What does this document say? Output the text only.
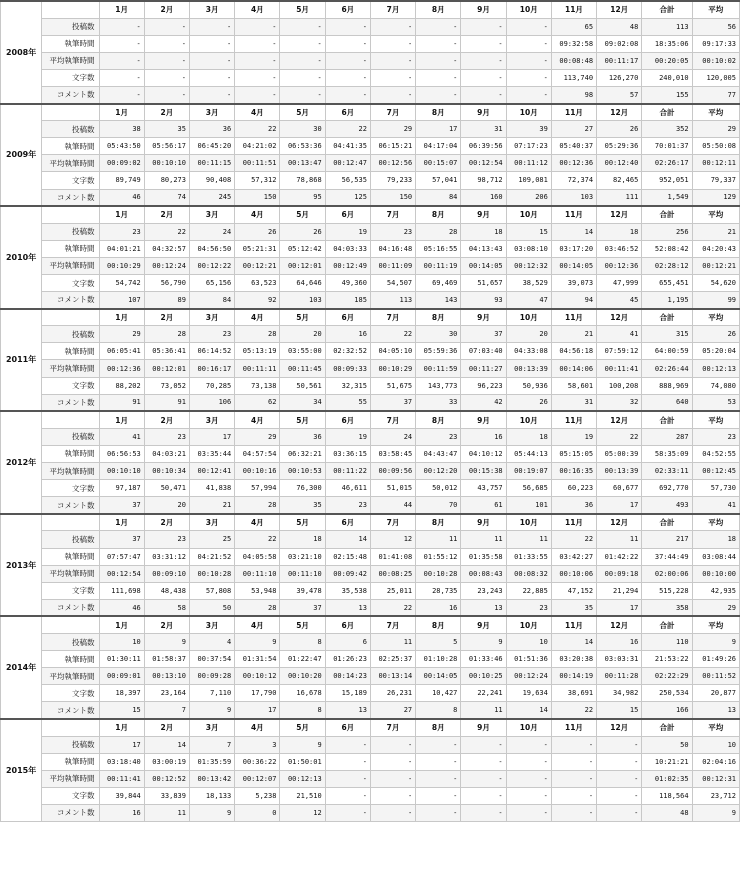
2008年		1月	2月	3月	4月	5月	6月	7月	8月	9月	10月	11月	12月	合計	平均
	投稿数	-	-	-	-	-	-	-	-	-	-	65	48	113	56
	執筆時間	-	-	-	-	-	-	-	-	-	-	09:32:58	09:02:08	18:35:06	09:17:33
	平均執筆時間	-	-	-	-	-	-	-	-	-	-	00:08:48	00:11:17	00:20:05	00:10:02
	文字数	-	-	-	-	-	-	-	-	-	-	113,740	126,270	240,010	120,005
	コメント数	-	-	-	-	-	-	-	-	-	-	98	57	155	77
2009年		1月	2月	3月	4月	5月	6月	7月	8月	9月	10月	11月	12月	合計	平均
	投稿数	38	35	36	22	30	22	29	17	31	39	27	26	352	29
	執筆時間	05:43:50	05:56:17	06:45:20	04:21:02	06:53:36	04:41:35	06:15:21	04:17:04	06:39:56	07:17:23	05:40:37	05:29:36	70:01:37	05:50:08
	平均執筆時間	00:09:02	00:10:10	00:11:15	00:11:51	00:13:47	00:12:47	00:12:56	00:15:07	00:12:54	00:11:12	00:12:36	00:12:40	02:26:17	00:12:11
	文字数	89,749	80,273	90,408	57,312	78,868	56,535	79,233	57,041	98,712	109,081	72,374	82,465	952,051	79,337
	コメント数	46	74	245	150	95	125	150	84	160	206	103	111	1,549	129
2010年		1月	2月	3月	4月	5月	6月	7月	8月	9月	10月	11月	12月	合計	平均
	投稿数	23	22	24	26	26	19	23	28	18	15	14	18	256	21
	執筆時間	04:01:21	04:32:57	04:56:50	05:21:31	05:12:42	04:03:33	04:16:48	05:16:55	04:13:43	03:08:10	03:17:20	03:46:52	52:08:42	04:20:43
	平均執筆時間	00:10:29	00:12:24	00:12:22	00:12:21	00:12:01	00:12:49	00:11:09	00:11:19	00:14:05	00:12:32	00:14:05	00:12:36	02:28:12	00:12:21
	文字数	54,742	56,790	65,156	63,523	64,646	49,360	54,507	69,469	51,657	38,529	39,073	47,999	655,451	54,620
	コメント数	107	89	84	92	103	185	113	143	93	47	94	45	1,195	99
2011年		1月	2月	3月	4月	5月	6月	7月	8月	9月	10月	11月	12月	合計	平均
	投稿数	29	28	23	28	20	16	22	30	37	20	21	41	315	26
	執筆時間	06:05:41	05:36:41	06:14:52	05:13:19	03:55:00	02:32:52	04:05:10	05:59:36	07:03:40	04:33:08	04:56:18	07:59:12	64:00:59	05:20:04
	平均執筆時間	00:12:36	00:12:01	00:16:17	00:11:11	00:11:45	00:09:33	00:10:29	00:11:59	00:11:27	00:13:39	00:14:06	00:11:41	02:26:44	00:12:13
	文字数	88,202	73,052	70,285	73,138	50,561	32,315	51,675	143,773	96,223	50,936	58,601	100,208	888,969	74,080
	コメント数	91	91	106	62	34	55	37	33	42	26	31	32	640	53
2012年		1月	2月	3月	4月	5月	6月	7月	8月	9月	10月	11月	12月	合計	平均
	投稿数	41	23	17	29	36	19	24	23	16	18	19	22	287	23
	執筆時間	06:56:53	04:03:21	03:35:44	04:57:54	06:32:21	03:36:15	03:58:45	04:43:47	04:10:12	05:44:13	05:15:05	05:00:39	58:35:09	04:52:55
	平均執筆時間	00:10:10	00:10:34	00:12:41	00:10:16	00:10:53	00:11:22	00:09:56	00:12:20	00:15:38	00:19:07	00:16:35	00:13:39	02:33:11	00:12:45
	文字数	97,187	50,471	41,838	57,994	76,300	46,611	51,015	50,012	43,757	56,685	60,223	60,677	692,770	57,730
	コメント数	37	20	21	28	35	23	44	70	61	101	36	17	493	41
2013年		1月	2月	3月	4月	5月	6月	7月	8月	9月	10月	11月	12月	合計	平均
	投稿数	37	23	25	22	18	14	12	11	11	11	22	11	217	18
	執筆時間	07:57:47	03:31:12	04:21:52	04:05:58	03:21:10	02:15:48	01:41:08	01:55:12	01:35:58	01:33:55	03:42:27	01:42:22	37:44:49	03:08:44
	平均執筆時間	00:12:54	00:09:10	00:10:28	00:11:10	00:11:10	00:09:42	00:08:25	00:10:28	00:08:43	00:08:32	00:10:06	00:09:18	02:00:06	00:10:00
	文字数	111,698	48,438	57,808	53,948	39,478	35,538	25,011	28,735	23,243	22,885	47,152	21,294	515,228	42,935
	コメント数	46	58	50	28	37	13	22	16	13	23	35	17	358	29
2014年		1月	2月	3月	4月	5月	6月	7月	8月	9月	10月	11月	12月	合計	平均
	投稿数	10	9	4	9	8	6	11	5	9	10	14	16	110	9
	執筆時間	01:30:11	01:58:37	00:37:54	01:31:54	01:22:47	01:26:23	02:25:37	01:10:28	01:33:46	01:51:36	03:20:38	03:03:31	21:53:22	01:49:26
	平均執筆時間	00:09:01	00:13:10	00:09:28	00:10:12	00:10:20	00:14:23	00:13:14	00:14:05	00:10:25	00:12:24	00:14:19	00:11:28	02:22:29	00:11:52
	文字数	18,397	23,164	7,110	17,790	16,678	15,189	26,231	10,427	22,241	19,634	38,691	34,982	250,534	20,877
	コメント数	15	7	9	17	8	13	27	8	11	14	22	15	166	13
2015年		1月	2月	3月	4月	5月	6月	7月	8月	9月	10月	11月	12月	合計	平均
	投稿数	17	14	7	3	9	-	-	-	-	-	-	-	50	10
	執筆時間	03:18:40	03:00:19	01:35:59	00:36:22	01:50:01	-	-	-	-	-	-	-	10:21:21	02:04:16
	平均執筆時間	00:11:41	00:12:52	00:13:42	00:12:07	00:12:13	-	-	-	-	-	-	-	01:02:35	00:12:31
	文字数	39,844	33,839	18,133	5,238	21,510	-	-	-	-	-	-	-	118,564	23,712
	コメント数	16	11	9	0	12	-	-	-	-	-	-	-	48	9
